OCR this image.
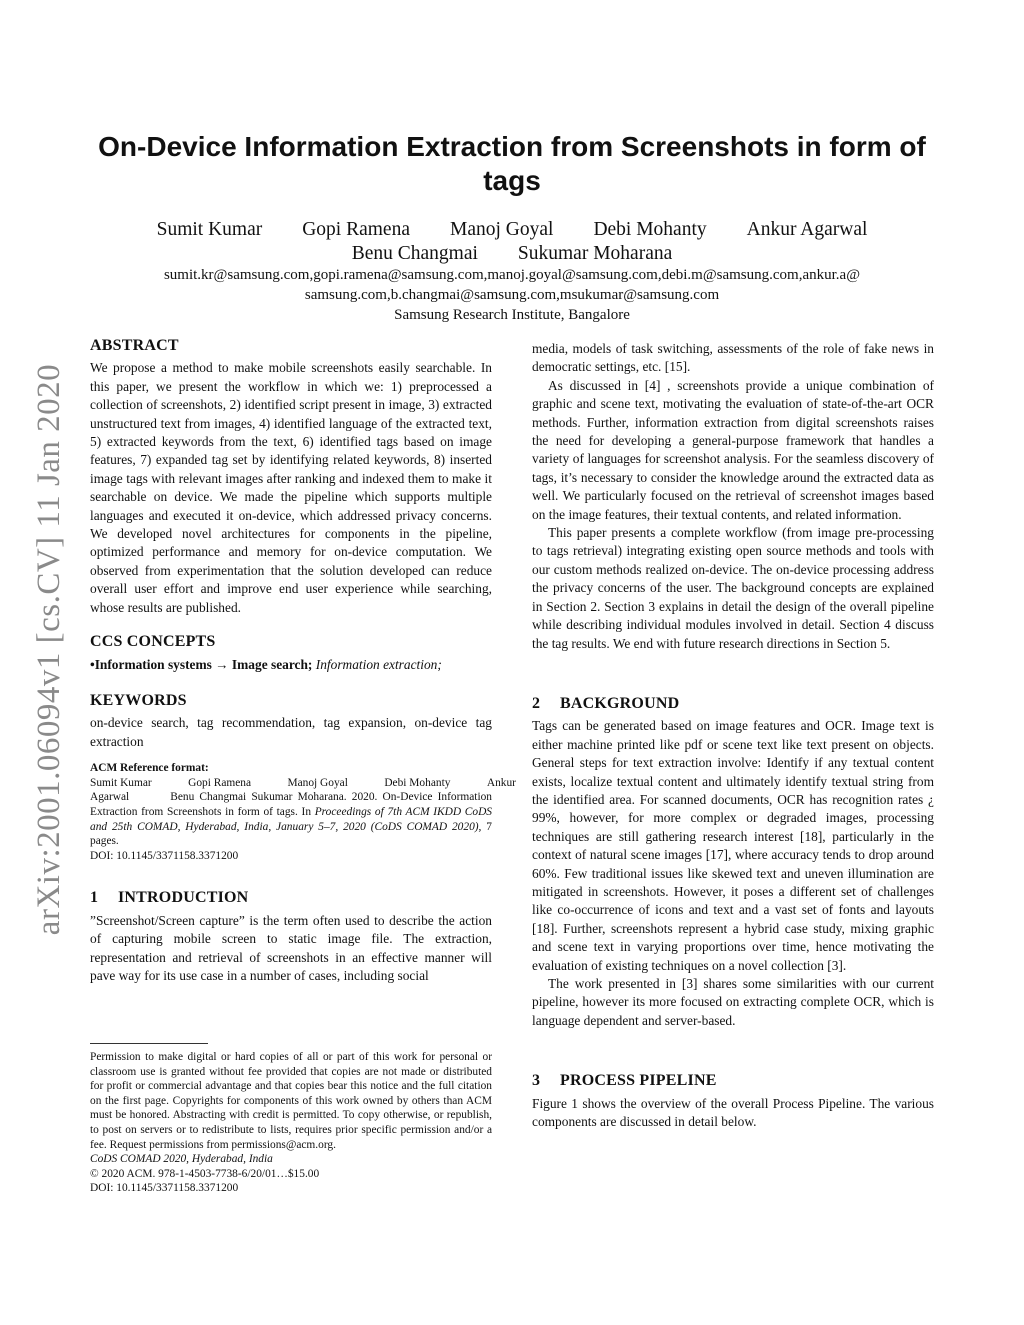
arXiv:2001.06094v1 [cs.CV] 11 Jan 2020
On-Device Information Extraction from Screenshots in form of tags
Sumit Kumar Gopi Ramena Manoj Goyal Debi Mohanty Ankur Agarwal
Benu Changmai Sukumar Moharana
sumit.kr@samsung.com,gopi.ramena@samsung.com,manoj.goyal@samsung.com,debi.m@samsung.com,ankur.a@
samsung.com,b.changmai@samsung.com,msukumar@samsung.com
Samsung Research Institute, Bangalore
ABSTRACT

We propose a method to make mobile screenshots easily searchable. In this paper, we present the workflow in which we: 1) preprocessed a collection of screenshots, 2) identified script present in image, 3) extracted unstructured text from images, 4) identified language of the extracted text, 5) extracted keywords from the text, 6) identified tags based on image features, 7) expanded tag set by identifying related keywords, 8) inserted image tags with relevant images after ranking and indexed them to make it searchable on device. We made the pipeline which supports multiple languages and executed it on-device, which addressed privacy concerns. We developed novel architectures for components in the pipeline, optimized performance and memory for on-device computation. We observed from experimentation that the solution developed can reduce overall user effort and improve end user experience while searching, whose results are published.

CCS CONCEPTS

•Information systems → Image search; Information extraction;

KEYWORDS

on-device search, tag recommendation, tag expansion, on-device tag extraction

ACM Reference format:
Sumit Kumar	Gopi Ramena	Manoj Goyal	Debi Mohanty	Ankur
Agarwal	Benu Changmai Sukumar Moharana. 2020. On-Device Information Extraction from Screenshots in form of tags. In Proceedings of 7th ACM IKDD CoDS and 25th COMAD, Hyderabad, India, January 5–7, 2020 (CoDS COMAD 2020), 7 pages.
DOI: 10.1145/3371158.3371200
1 INTRODUCTION

”Screenshot/Screen capture” is the term often used to describe the action of capturing mobile screen to static image file. The extraction, representation and retrieval of screenshots in an effective manner will pave way for its use case in a number of cases, including social

Permission to make digital or hard copies of all or part of this work for personal or classroom use is granted without fee provided that copies are not made or distributed for profit or commercial advantage and that copies bear this notice and the full citation on the first page. Copyrights for components of this work owned by others than ACM must be honored. Abstracting with credit is permitted. To copy otherwise, or republish, to post on servers or to redistribute to lists, requires prior specific permission and/or a fee. Request permissions from permissions@acm.org.

CoDS COMAD 2020, Hyderabad, India

© 2020 ACM. 978-1-4503-7738-6/20/01…$15.00

DOI: 10.1145/3371158.3371200

media, models of task switching, assessments of the role of fake news in democratic settings, etc. [15].

As discussed in [4] , screenshots provide a unique combination of graphic and scene text, motivating the evaluation of state-of-the-art OCR methods. Further, information extraction from digital screenshots raises the need for developing a general-purpose framework that handles a variety of languages for screenshot analysis. For the seamless discovery of tags, it’s necessary to consider the knowledge around the extracted data as well. We particularly focused on the retrieval of screenshot images based on the image features, their textual contents, and related information.

This paper presents a complete workflow (from image pre-processing to tags retrieval) integrating existing open source methods and tools with our custom methods realized on-device. The on-device processing address the privacy concerns of the user. The background concepts are explained in Section 2. Section 3 explains in detail the design of the overall pipeline while describing individual modules involved in detail. Section 4 discuss the tag results. We end with future research directions in Section 5.

2 BACKGROUND

Tags can be generated based on image features and OCR. Image text is either machine printed like pdf or scene text like text present on objects. General steps for text extraction involve: Identify if any textual content exists, localize textual content and ultimately identify textual string from the identified area. For scanned documents, OCR has recognition rates ¿ 99%, however, for more complex or degraded images, processing techniques are still gathering research interest [18], particularly in the context of natural scene images [17], where accuracy tends to drop around 60%. Few traditional issues like skewed text and uneven illumination are mitigated in screenshots. However, it poses a different set of challenges like co-occurrence of icons and text and a vast set of fonts and layouts [18]. Further, screenshots represent a hybrid case study, mixing graphic and scene text in varying proportions over time, hence motivating the evaluation of existing techniques on a novel collection [3].

The work presented in [3] shares some similarities with our current pipeline, however its more focused on extracting complete OCR, which is language dependent and server-based.

3 PROCESS PIPELINE

Figure 1 shows the overview of the overall Process Pipeline. The various components are discussed in detail below.
